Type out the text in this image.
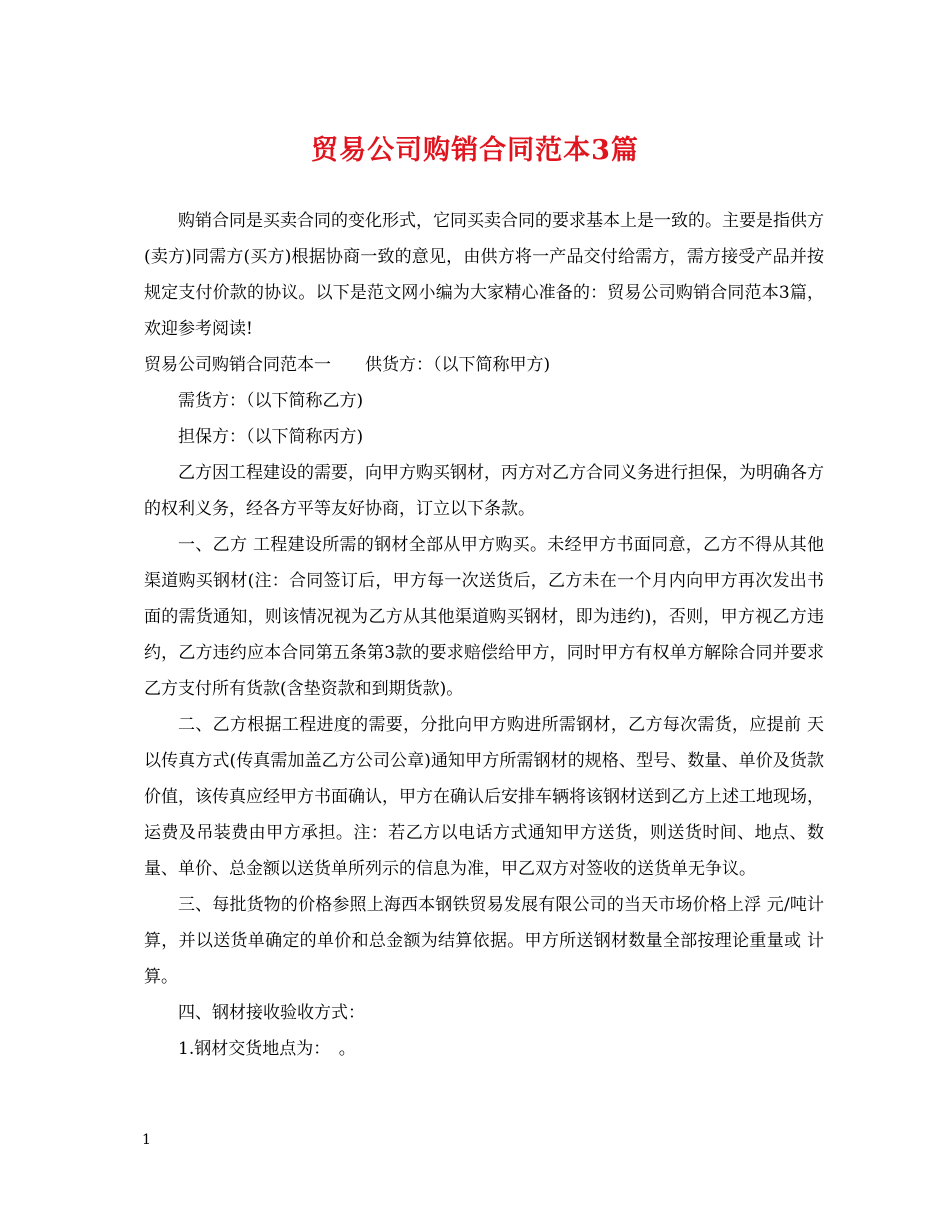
贸易公司购销合同范本3篇

购销合同是买卖合同的变化形式，它同买卖合同的要求基本上是一致的。主要是指供方(卖方)同需方(买方)根据协商一致的意见，由供方将一产品交付给需方，需方接受产品并按规定支付价款的协议。以下是范文网小编为大家精心准备的：贸易公司购销合同范本3篇，欢迎参考阅读!

贸易公司购销合同范本一　　供货方：（以下简称甲方)

需货方：（以下简称乙方)

担保方：（以下简称丙方)

乙方因工程建设的需要，向甲方购买钢材，丙方对乙方合同义务进行担保，为明确各方的权利义务，经各方平等友好协商，订立以下条款。

一、乙方 工程建设所需的钢材全部从甲方购买。未经甲方书面同意，乙方不得从其他渠道购买钢材(注：合同签订后，甲方每一次送货后，乙方未在一个月内向甲方再次发出书面的需货通知，则该情况视为乙方从其他渠道购买钢材，即为违约)，否则，甲方视乙方违约，乙方违约应本合同第五条第3款的要求赔偿给甲方，同时甲方有权单方解除合同并要求乙方支付所有货款(含垫资款和到期货款)。

二、乙方根据工程进度的需要，分批向甲方购进所需钢材，乙方每次需货，应提前 天以传真方式(传真需加盖乙方公司公章)通知甲方所需钢材的规格、型号、数量、单价及货款价值，该传真应经甲方书面确认，甲方在确认后安排车辆将该钢材送到乙方上述工地现场，运费及吊装费由甲方承担。注：若乙方以电话方式通知甲方送货，则送货时间、地点、数量、单价、总金额以送货单所列示的信息为准，甲乙双方对签收的送货单无争议。

三、每批货物的价格参照上海西本钢铁贸易发展有限公司的当天市场价格上浮 元/吨计算，并以送货单确定的单价和总金额为结算依据。甲方所送钢材数量全部按理论重量或 计算。

四、钢材接收验收方式：

1.钢材交货地点为：　。

1
